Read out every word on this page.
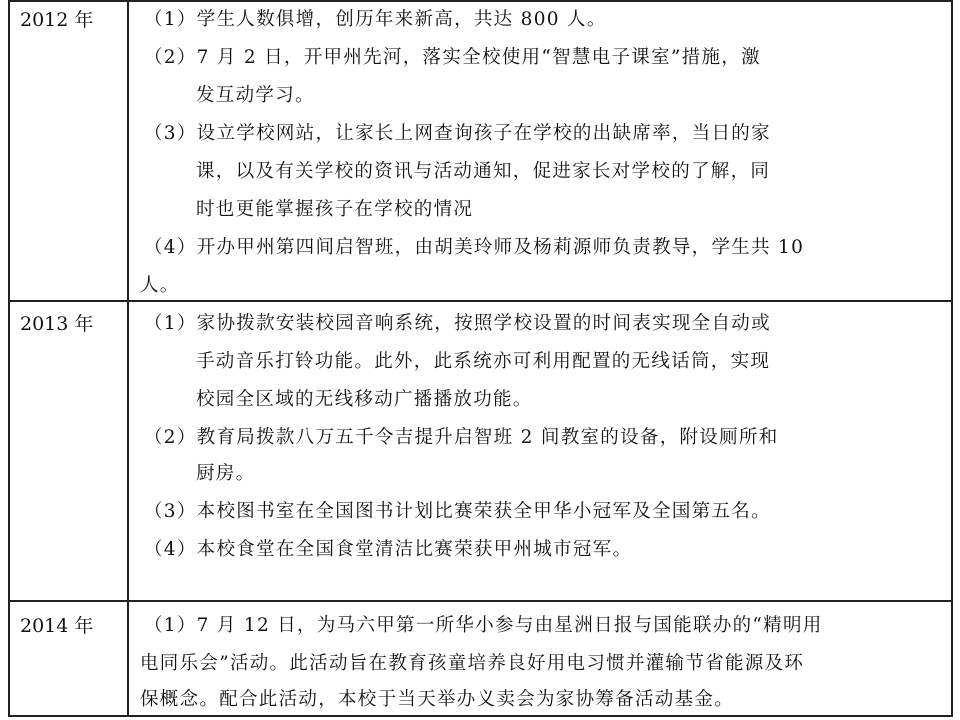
2012 年	（1）学生人数俱增，创历年来新高，共达 800 人。
（2）7 月 2 日，开甲州先河，落实全校使用“智慧电子课室”措施，激
发互动学习。
（3）设立学校网站，让家长上网查询孩子在学校的出缺席率，当日的家
课，以及有关学校的资讯与活动通知，促进家长对学校的了解，同
时也更能掌握孩子在学校的情况
（4）开办甲州第四间启智班，由胡美玲师及杨莉源师负责教导，学生共 10
人。
2013 年	（1）家协拨款安装校园音响系统，按照学校设置的时间表实现全自动或
手动音乐打铃功能。此外，此系统亦可利用配置的无线话筒，实现
校园全区域的无线移动广播播放功能。
（2）教育局拨款八万五千令吉提升启智班 2 间教室的设备，附设厕所和
厨房。
（3）本校图书室在全国图书计划比赛荣获全甲华小冠军及全国第五名。
（4）本校食堂在全国食堂清洁比赛荣获甲州城市冠军。
2014 年	（1）7 月 12 日，为马六甲第一所华小参与由星洲日报与国能联办的“精明用
电同乐会”活动。此活动旨在教育孩童培养良好用电习惯并灌输节省能源及环
保概念。配合此活动，本校于当天举办义卖会为家协筹备活动基金。
